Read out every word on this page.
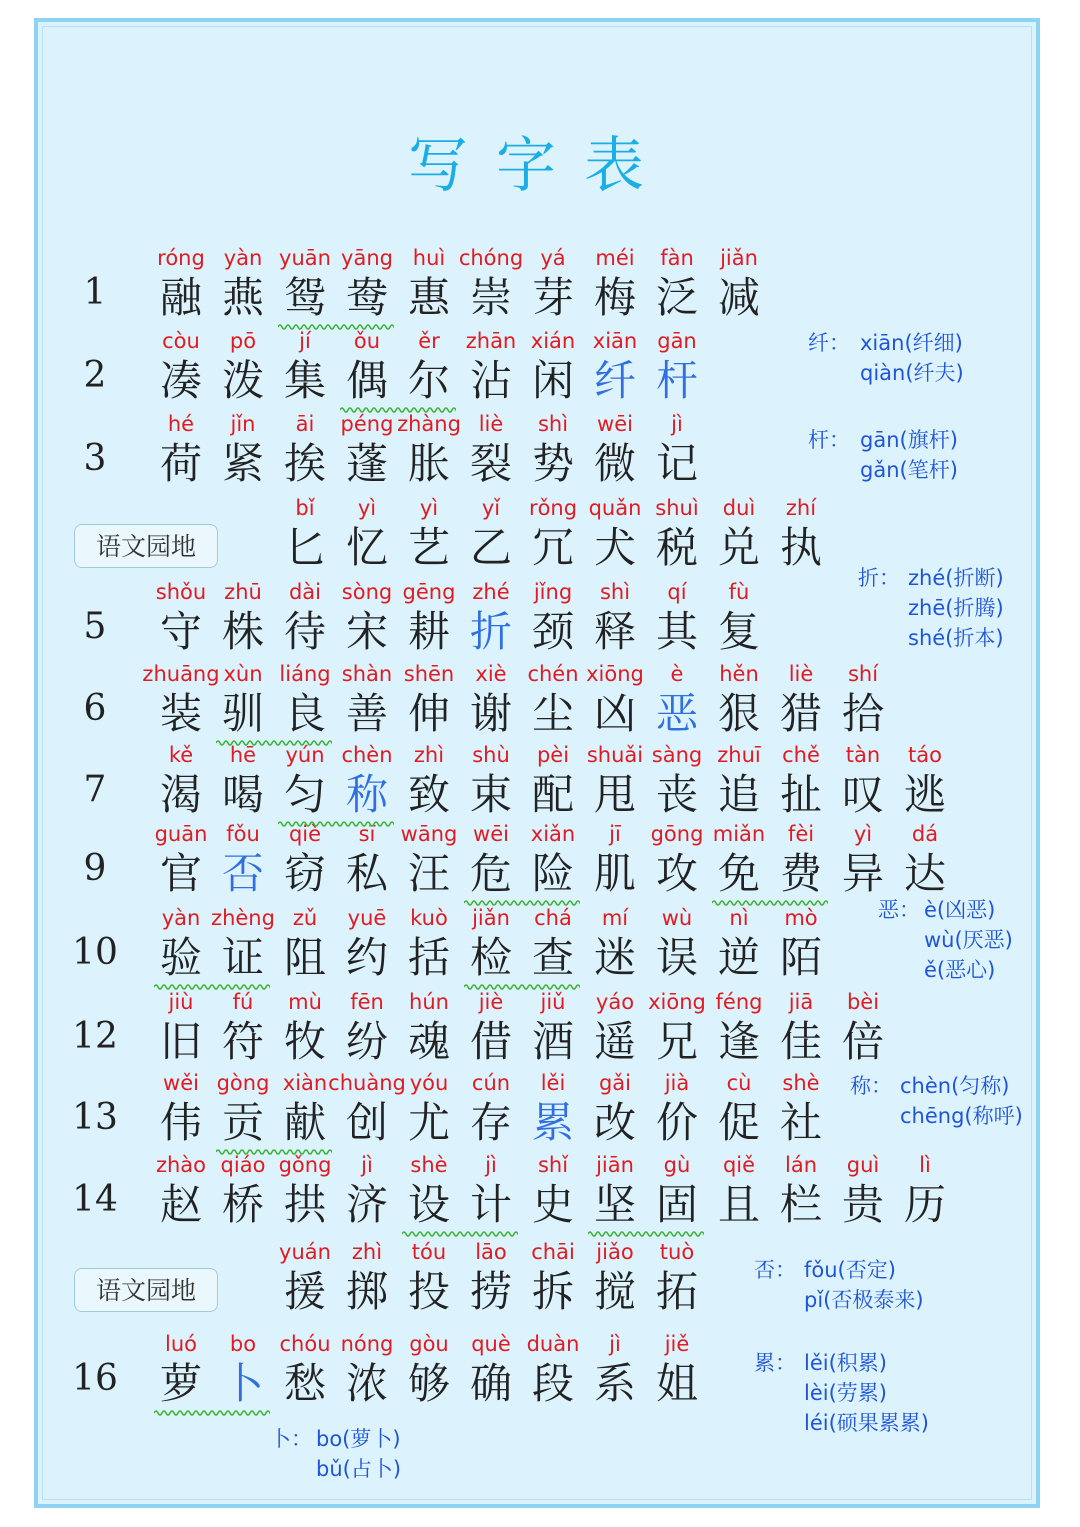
写字表
1
róng
融
yàn
燕
yuān
鸳
yāng
鸯
huì
惠
chóng
崇
yá
芽
méi
梅
fàn
泛
jiǎn
减
2
còu
凑
pō
泼
jí
集
ǒu
偶
ěr
尔
zhān
沾
xián
闲
xiān
纤
gān
杆
3
hé
荷
jǐn
紧
āi
挨
péng
蓬
zhàng
胀
liè
裂
shì
势
wēi
微
jì
记
语文园地
bǐ
匕
yì
忆
yì
艺
yǐ
乙
rǒng
冗
quǎn
犬
shuì
税
duì
兑
zhí
执
5
shǒu
守
zhū
株
dài
待
sòng
宋
gēng
耕
zhé
折
jǐng
颈
shì
释
qí
其
fù
复
6
zhuāng
装
xùn
驯
liáng
良
shàn
善
shēn
伸
xiè
谢
chén
尘
xiōng
凶
è
恶
hěn
狠
liè
猎
shí
拾
7
kě
渴
hē
喝
yún
匀
chèn
称
zhì
致
shù
束
pèi
配
shuǎi
甩
sàng
丧
zhuī
追
chě
扯
tàn
叹
táo
逃
9
guān
官
fǒu
否
qiè
窃
sī
私
wāng
汪
wēi
危
xiǎn
险
jī
肌
gōng
攻
miǎn
免
fèi
费
yì
异
dá
达
10
yàn
验
zhèng
证
zǔ
阻
yuē
约
kuò
括
jiǎn
检
chá
查
mí
迷
wù
误
nì
逆
mò
陌
12
jiù
旧
fú
符
mù
牧
fēn
纷
hún
魂
jiè
借
jiǔ
酒
yáo
遥
xiōng
兄
féng
逢
jiā
佳
bèi
倍
13
wěi
伟
gòng
贡
xiàn
献
chuàng
创
yóu
尤
cún
存
lěi
累
gǎi
改
jià
价
cù
促
shè
社
14
zhào
赵
qiáo
桥
gǒng
拱
jì
济
shè
设
jì
计
shǐ
史
jiān
坚
gù
固
qiě
且
lán
栏
guì
贵
lì
历
语文园地
yuán
援
zhì
掷
tóu
投
lāo
捞
chāi
拆
jiǎo
搅
tuò
拓
16
luó
萝
bo
卜
chóu
愁
nóng
浓
gòu
够
què
确
duàn
段
jì
系
jiě
姐
纤： xiān(纤细)
qiàn(纤夫)
杆： gān(旗杆)
gǎn(笔杆)
折： zhé(折断)
zhē(折腾)
shé(折本)
恶： è(凶恶)
wù(厌恶)
ě(恶心)
称： chèn(匀称)
chēng(称呼)
否： fǒu(否定)
pǐ(否极泰来)
累： lěi(积累)
lèi(劳累)
léi(硕果累累)
卜： bo(萝卜)
bǔ(占卜)
